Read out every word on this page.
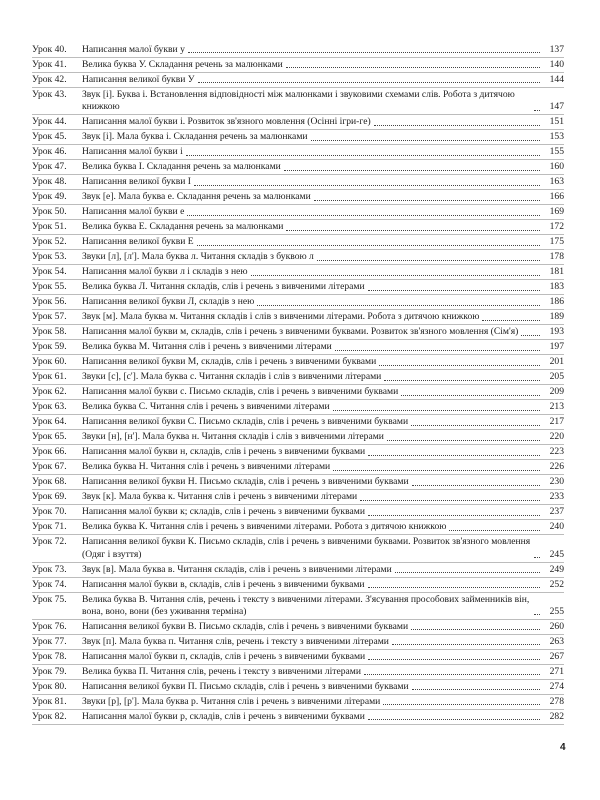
Урок 40.	Написання малої букви у	137
Урок 41.	Велика буква У. Складання речень за малюнками	140
Урок 42.	Написання великої букви У	144
Урок 43.	Звук [і]. Буква і. Встановлення відповідності між малюнками і звуковими схемами слів. Робота з дитячою книжкою	147
Урок 44.	Написання малої букви і. Розвиток зв'язного мовлення (Осінні ігри-ге)	151
Урок 45.	Звук [і]. Мала буква і. Складання речень за малюнками	153
Урок 46.	Написання малої букви і	155
Урок 47.	Велика буква І. Складання речень за малюнками	160
Урок 48.	Написання великої букви І	163
Урок 49.	Звук [е]. Мала буква е. Складання речень за малюнками	166
Урок 50.	Написання малої букви е	169
Урок 51.	Велика буква Е. Складання речень за малюнками	172
Урок 52.	Написання великої букви Е	175
Урок 53.	Звуки [л], [л']. Мала буква л. Читання складів з буквою л	178
Урок 54.	Написання малої букви л і складів з нею	181
Урок 55.	Велика буква Л. Читання складів, слів і речень з вивченими літерами	183
Урок 56.	Написання великої букви Л, складів з нею	186
Урок 57.	Звук [м]. Мала буква м. Читання складів і слів з вивченими літерами. Робота з дитячою книжкою	189
Урок 58.	Написання малої букви м, складів, слів і речень з вивченими буквами. Розвиток зв'язного мовлення (Сім'я)	193
Урок 59.	Велика буква М. Читання слів і речень з вивченими літерами	197
Урок 60.	Написання великої букви М, складів, слів і речень з вивченими буквами	201
Урок 61.	Звуки [с], [с']. Мала буква с. Читання складів і слів з вивченими літерами	205
Урок 62.	Написання малої букви с. Письмо складів, слів і речень з вивченими буквами	209
Урок 63.	Велика буква С. Читання слів і речень з вивченими літерами	213
Урок 64.	Написання великої букви С. Письмо складів, слів і речень з вивченими буквами	217
Урок 65.	Звуки [н], [н']. Мала буква н. Читання складів і слів з вивченими літерами	220
Урок 66.	Написання малої букви н, складів, слів і речень з вивченими буквами	223
Урок 67.	Велика буква Н. Читання слів і речень з вивченими літерами	226
Урок 68.	Написання великої букви Н. Письмо складів, слів і речень з вивченими буквами	230
Урок 69.	Звук [к]. Мала буква к. Читання слів і речень з вивченими літерами	233
Урок 70.	Написання малої букви к; складів, слів і речень з вивченими буквами	237
Урок 71.	Велика буква К. Читання слів і речень з вивченими літерами. Робота з дитячою книжкою	240
Урок 72.	Написання великої букви К. Письмо складів, слів і речень з вивченими буквами. Розвиток зв'язного мовлення (Одяг і взуття)	245
Урок 73.	Звук [в]. Мала буква в. Читання складів, слів і речень з вивченими літерами	249
Урок 74.	Написання малої букви в, складів, слів і речень з вивченими буквами	252
Урок 75.	Велика буква В. Читання слів, речень і тексту з вивченими літерами. З'ясування прособових займенників він, вона, воно, вони (без уживання терміна)	255
Урок 76.	Написання великої букви В. Письмо складів, слів і речень з вивченими буквами	260
Урок 77.	Звук [п]. Мала буква п. Читання слів, речень і тексту з вивченими літерами	263
Урок 78.	Написання малої букви п, складів, слів і речень з вивченими буквами	267
Урок 79.	Велика буква П. Читання слів, речень і тексту з вивченими літерами	271
Урок 80.	Написання великої букви П. Письмо складів, слів і речень з вивченими буквами	274
Урок 81.	Звуки [р], [р']. Мала буква р. Читання слів і речень з вивченими літерами	278
Урок 82.	Написання малої букви р, складів, слів і речень з вивченими буквами	282
4
